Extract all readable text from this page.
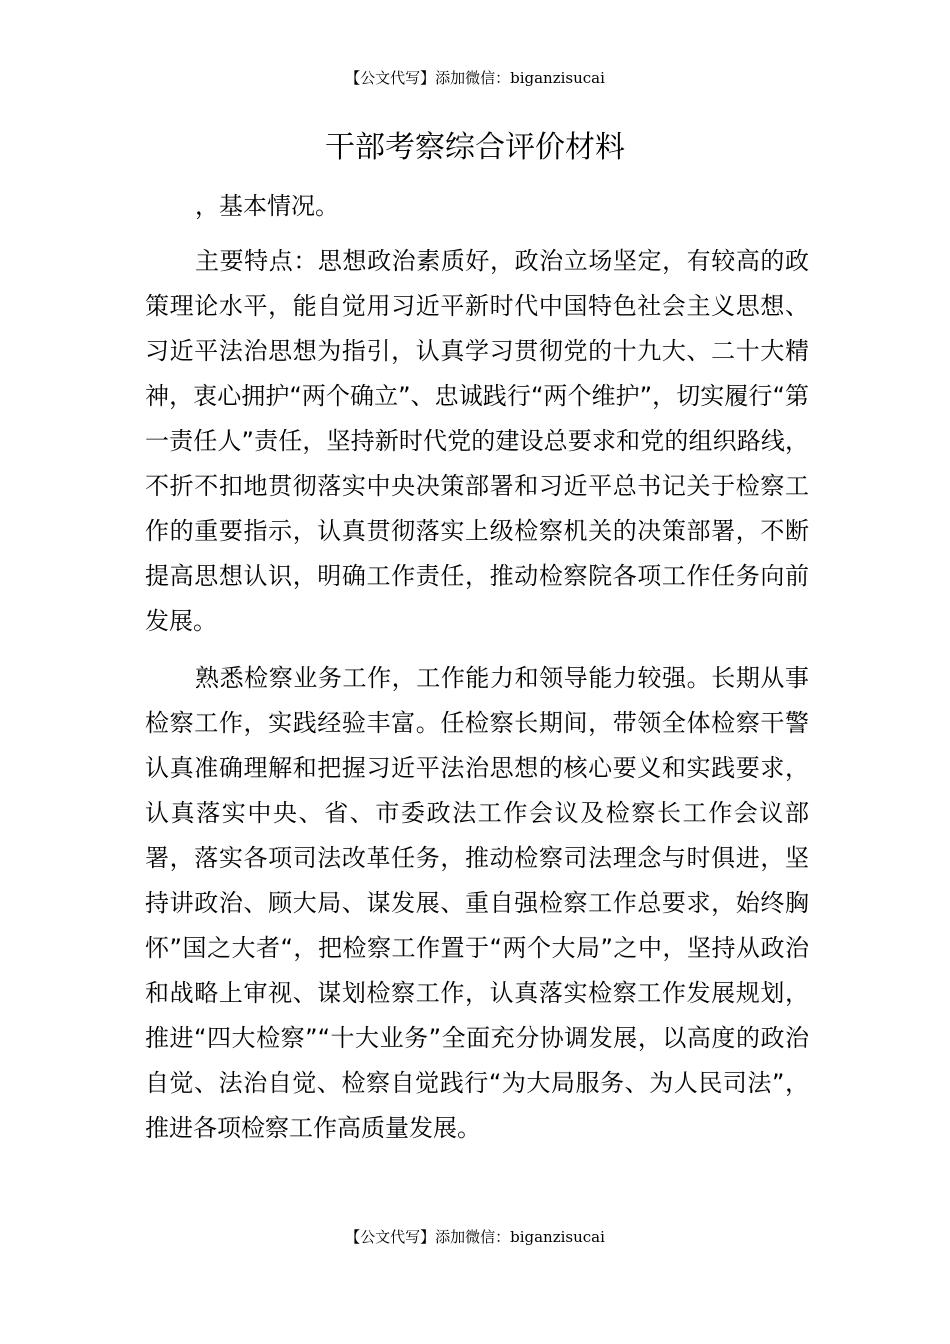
【公文代写】添加微信：biganzisucai
干部考察综合评价材料

，基本情况。

主要特点：思想政治素质好，政治立场坚定，有较高的政策理论水平，能自觉用习近平新时代中国特色社会主义思想、习近平法治思想为指引，认真学习贯彻党的十九大、二十大精神，衷心拥护“两个确立”、忠诚践行“两个维护”，切实履行“第一责任人”责任，坚持新时代党的建设总要求和党的组织路线，不折不扣地贯彻落实中央决策部署和习近平总书记关于检察工作的重要指示，认真贯彻落实上级检察机关的决策部署，不断提高思想认识，明确工作责任，推动检察院各项工作任务向前发展。

熟悉检察业务工作，工作能力和领导能力较强。长期从事检察工作，实践经验丰富。任检察长期间，带领全体检察干警认真准确理解和把握习近平法治思想的核心要义和实践要求，认真落实中央、省、市委政法工作会议及检察长工作会议部署，落实各项司法改革任务，推动检察司法理念与时俱进，坚持讲政治、顾大局、谋发展、重自强检察工作总要求，始终胸怀”国之大者“，把检察工作置于“两个大局”之中，坚持从政治和战略上审视、谋划检察工作，认真落实检察工作发展规划，推进“四大检察”“十大业务”全面充分协调发展，以高度的政治自觉、法治自觉、检察自觉践行“为大局服务、为人民司法”，推进各项检察工作高质量发展。

【公文代写】添加微信：biganzisucai
